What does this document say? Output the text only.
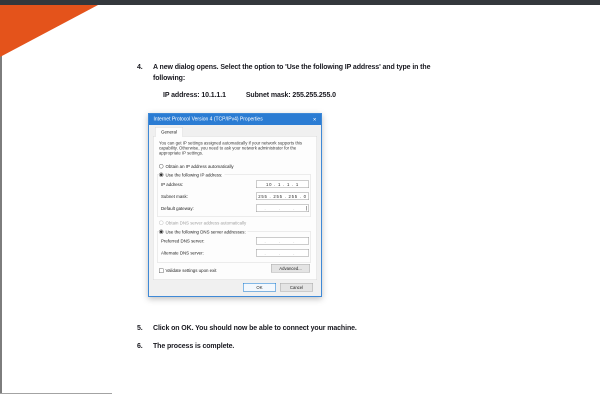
4.	A new dialog opens. Select the option to 'Use the following IP address' and type in the following:
IP address: 10.1.1.1	Subnet mask: 255.255.255.0
Internet Protocol Version 4 (TCP/IPv4) Properties	✕
General
You can get IP settings assigned automatically if your network supports this capability. Otherwise, you need to ask your network administrator for the appropriate IP settings.
Obtain an IP address automatically
Use the following IP address:
IP address:	10 . 1 . 1 . 1
Subnet mask:	255 . 255 . 255 . 0
Default gateway:	. . .
Obtain DNS server address automatically
Use the following DNS server addresses:
Preferred DNS server:	. . .
Alternate DNS server:	. . .
Validate settings upon exit	Advanced...
OK	Cancel
5.	Click on OK. You should now be able to connect your machine.
6.	The process is complete.
